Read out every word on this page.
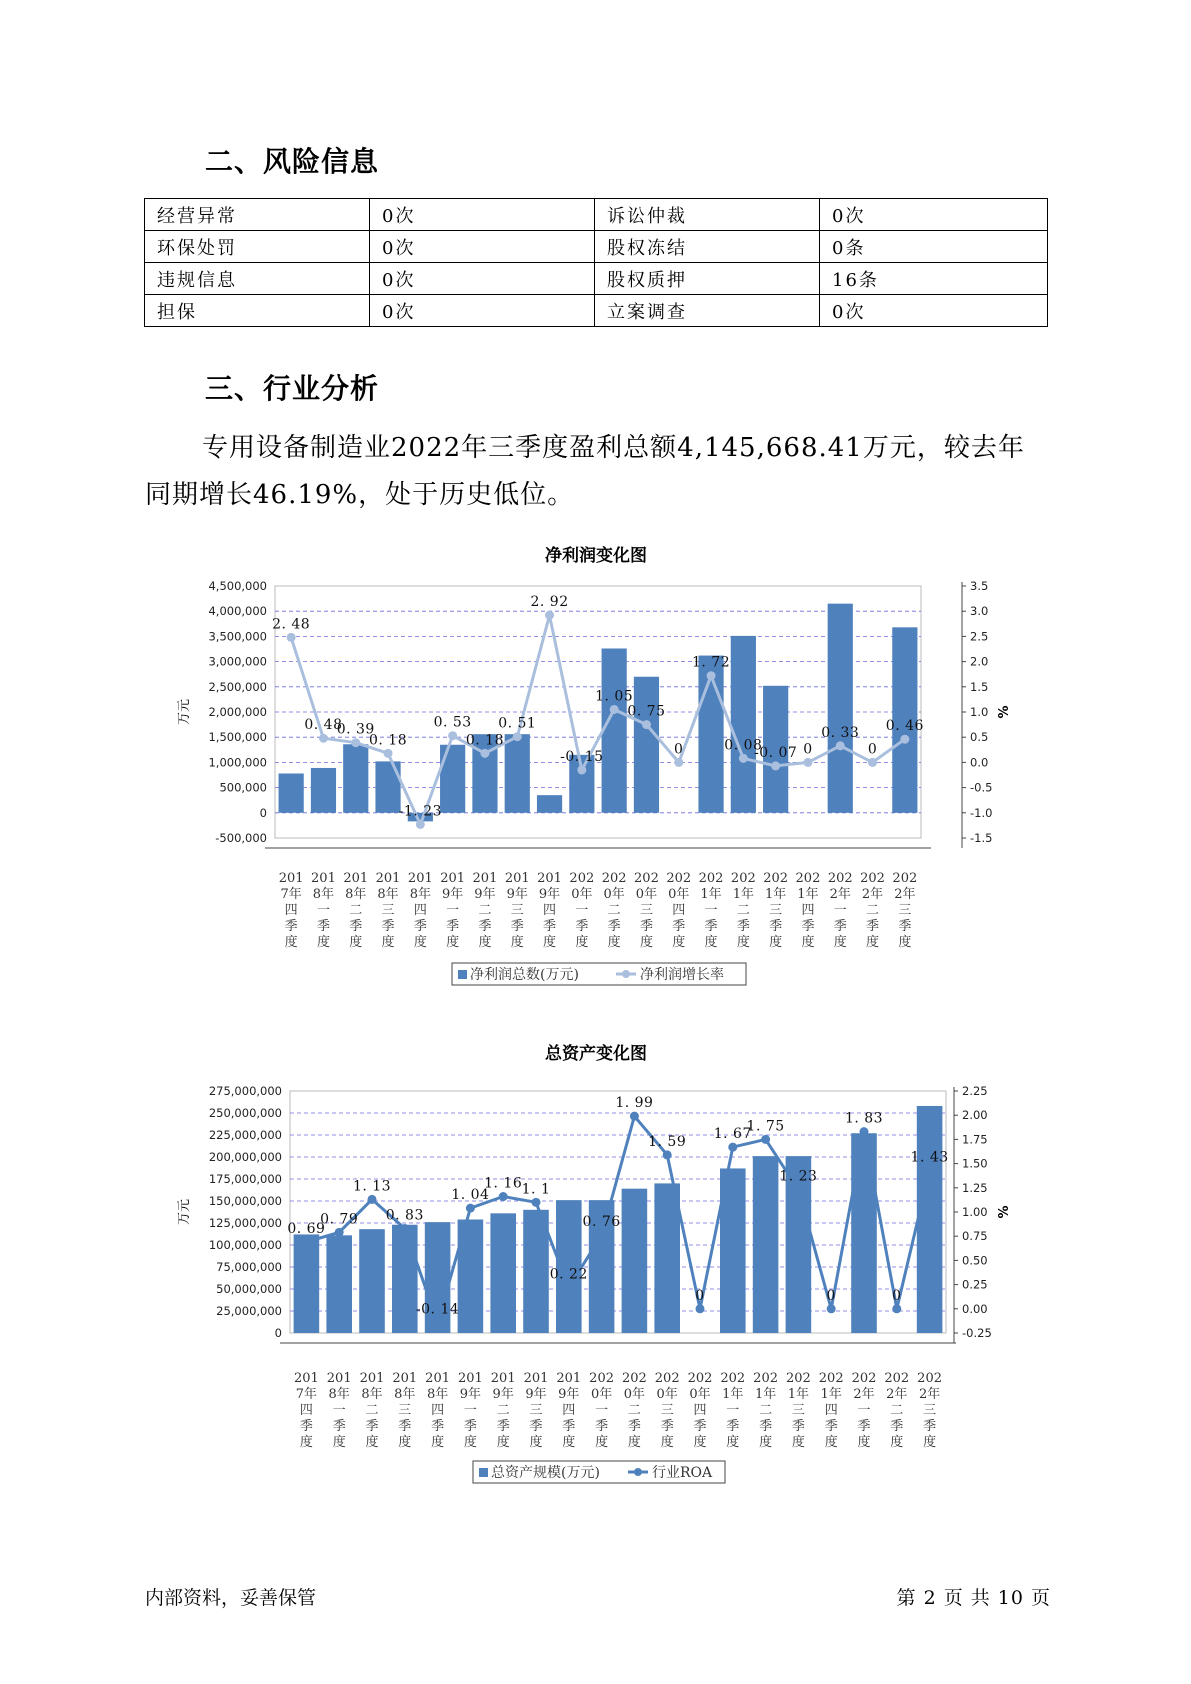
二、风险信息
经营异常	0次	诉讼仲裁	0次
环保处罚	0次	股权冻结	0条
违规信息	0次	股权质押	16条
担保	0次	立案调查	0次
三、行业分析

专用设备制造业2022年三季度盈利总额4,145,668.41万元，较去年同期增长46.19%，处于历史低位。

净利润变化图
4,500,000
4,000,000
3,500,000
3,000,000
2,500,000
2,000,000
1,500,000
1,000,000
500,000
0
-500,000
3.5
3.0
2.5
2.0
1.5
1.0
0.5
0.0
-0.5
-1.0
-1.5
万元	%
2. 48
0. 48
0. 39
0. 18
-1. 23
0. 53
0. 18
0. 51
2. 92
-0. 15
1. 05
0. 75
0
1. 72
0. 08
-0. 07 0
0. 33
0
0. 46
201
7年
四
季
度
201
8年
一
季
度
201
8年
二
季
度
201
8年
三
季
度
201
8年
四
季
度
201
9年
一
季
度
201
9年
二
季
度
201
9年
三
季
度
201
9年
四
季
度
202
0年
一
季
度
202
0年
二
季
度
202
0年
三
季
度
202
0年
四
季
度
202
1年
一
季
度
202
1年
二
季
度
202
1年
三
季
度
202
1年
四
季
度
202
2年
一
季
度
202
2年
二
季
度
202
2年
三
季
度
净利润总数(万元)	净利润增长率
总资产变化图
275,000,000
250,000,000
225,000,000
200,000,000
175,000,000
150,000,000
125,000,000
100,000,000
75,000,000
50,000,000
25,000,000
0
2.25
2.00
1.75
1.50
1.25
1.00
0.75
0.50
0.25
0.00
-0.25
万元	%
0. 69
0. 79
1. 13
0. 83
-0. 14
1. 04
1. 16 1. 1
0. 22
0. 76
1. 99
1. 59
0
1. 67
1. 75
1. 23
0
1. 83
0
1. 43
201
7年
四
季
度
201
8年
一
季
度
201
8年
二
季
度
201
8年
三
季
度
201
8年
四
季
度
201
9年
一
季
度
201
9年
二
季
度
201
9年
三
季
度
201
9年
四
季
度
202
0年
一
季
度
202
0年
二
季
度
202
0年
三
季
度
202
0年
四
季
度
202
1年
一
季
度
202
1年
二
季
度
202
1年
三
季
度
202
1年
四
季
度
202
2年
一
季
度
202
2年
二
季
度
202
2年
三
季
度
总资产规模(万元)	行业ROA
内部资料，妥善保管	第 2 页 共 10 页
